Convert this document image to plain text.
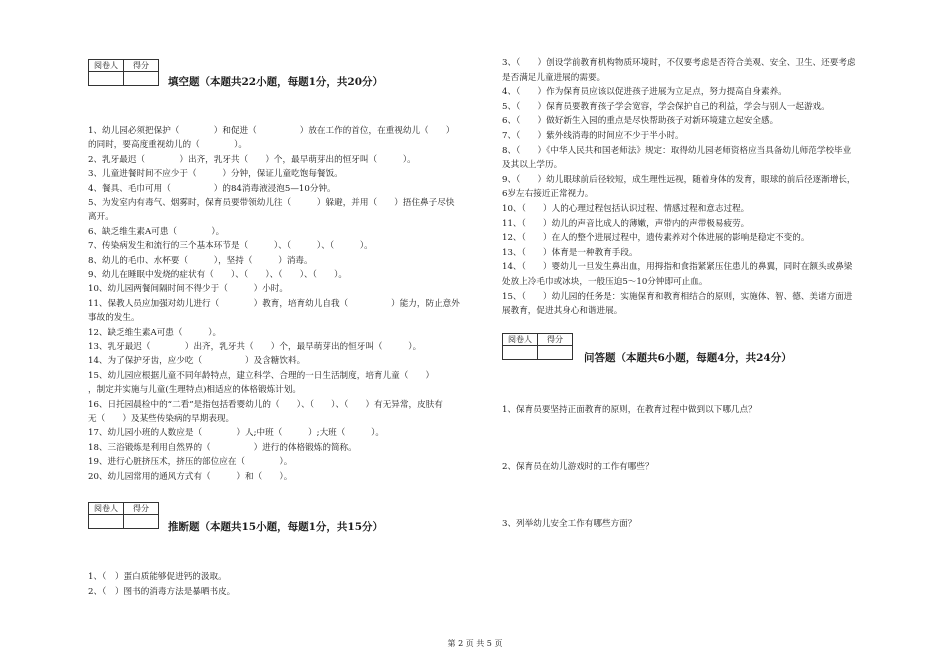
阅卷人	得分

填空题（本题共22小题，每题1分，共20分）
1、幼儿园必须把保护（　　　　）和促进（　　　　　）放在工作的首位，在重视幼儿（　　）
的同时，要高度重视幼儿的（　　　　）。
2、乳牙最迟（　　　　）出齐，乳牙共（　　）个，最早萌芽出的恒牙叫（　　　）。
3、儿童进餐时间不应少于（　　　）分钟，保证儿童吃饱每餐饭。
4、餐具、毛巾可用（　　　　　）的84消毒液浸泡5—10分钟。
5、为发室内有毒气、烟雾时，保育员要带领幼儿往（　　　）躲避，并用（　　）捂住鼻子尽快
离开。
6、缺乏维生素A可患（　　　　）。
7、传染病发生和流行的三个基本环节是（　　　）、（　　　）、（　　　）。
8、幼儿的毛巾、水杯要（　　　），坚持（　　　）消毒。
9、幼儿在睡眠中发烧的症状有（　　）、（　　）、（　　）、（　　）。
10、幼儿园两餐间隔时间不得少于（　　　）小时。
11、保教人员应加强对幼儿进行（　　　　）教育，培育幼儿自我（　　　　　）能力，防止意外
事故的发生。
12、缺乏维生素A可患（　　　）。
13、乳牙最迟（　　　　）出齐，乳牙共（　　）个，最早萌芽出的恒牙叫（　　　）。
14、为了保护牙齿，应少吃（　　　　　）及含糖饮料。
15、幼儿园应根据儿童不同年龄特点，建立科学、合理的一日生活制度，培育儿童（　　）
，制定并实施与儿童(生理特点)相适应的体格锻炼计划。
16、日托园晨检中的“二看”是指包括看婴幼儿的（　　）、（　　）、（　　）有无异常，皮肤有
无（　　）及某些传染病的早期表现。
17、幼儿园小班的人数应是（　　　　）人;中班（　　　）;大班（　　　）。
18、三浴锻炼是利用自然界的（　　　　　）进行的体格锻炼的简称。
19、进行心脏挤压术，挤压的部位应在（　　　　）。
20、幼儿园常用的通风方式有（　　　）和（　　）。
阅卷人	得分

推断题（本题共15小题，每题1分，共15分）
1、（　）蛋白质能够促进钙的汲取。
2、（　）图书的消毒方法是暴晒书皮。
3、（　　）创设学前教育机构物质环境时，不仅要考虑是否符合美观、安全、卫生、还要考虑
是否满足儿童进展的需要。
4、（　　）作为保育员应该以促进孩子进展为立足点，努力提高自身素养。
5、（　　）保育员要教育孩子学会宽容，学会保护自己的利益，学会与别人一起游戏。
6、（　　）做好新生入园的重点是尽快帮助孩子对新环境建立起安全感。
7、（　　）紫外线消毒的时间应不少于半小时。
8、（　　）《中华人民共和国老师法》规定：取得幼儿园老师资格应当具备幼儿师范学校毕业
及其以上学历。
9、（　　）幼儿眼球前后径较短，成生理性远视，随着身体的发育，眼球的前后径逐渐增长，
6岁左右接近正常视力。
10、（　　）人的心理过程包括认识过程、情感过程和意志过程。
11、（　　）幼儿的声音比成人的薄嫩，声带内的声带极易疲劳。
12、（　　）在人的整个进展过程中，遗传素养对个体进展的影响是稳定不变的。
13、（　　）体育是一种教育手段。
14、（　　）婴幼儿一旦发生鼻出血，用拇指和食指紧紧压住患儿的鼻翼，同时在额头或鼻梁
处放上冷毛巾或冰块，一般压迫5～10分钟即可止血。
15、（　　）幼儿园的任务是：实施保育和教育相结合的原则，实施体、智、德、美诸方面进
展教育，促进其身心和谐进展。
阅卷人	得分

问答题（本题共6小题，每题4分，共24分）
1、保育员要坚持正面教育的原则，在教育过程中做到以下哪几点？
2、保育员在幼儿游戏时的工作有哪些？
3、列举幼儿安全工作有哪些方面？
第 2 页 共 5 页
